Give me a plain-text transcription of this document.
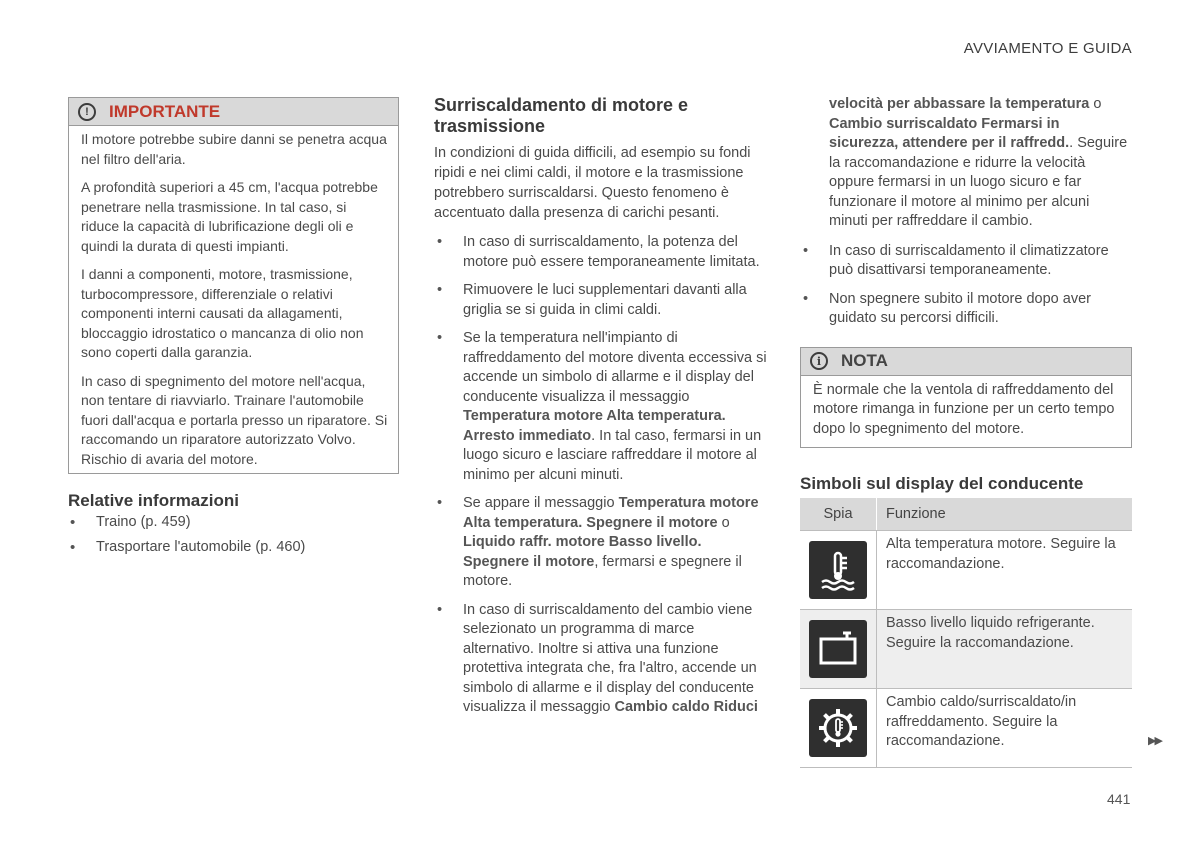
AVVIAMENTO E GUIDA
!	IMPORTANTE

Il motore potrebbe subire danni se penetra acqua nel filtro dell'aria.

A profondità superiori a 45 cm, l'acqua potrebbe penetrare nella trasmissione. In tal caso, si riduce la capacità di lubrificazione degli oli e quindi la durata di questi impianti.

I danni a componenti, motore, trasmissione, turbocompressore, differenziale o relativi componenti interni causati da allagamenti, bloccaggio idrostatico o mancanza di olio non sono coperti dalla garanzia.

In caso di spegnimento del motore nell'acqua, non tentare di riavviarlo. Trainare l'automobile fuori dall'acqua e portarla presso un riparatore. Si raccomando un riparatore autorizzato Volvo. Rischio di avaria del motore.

Relative informazioni
• Traino (p. 459)
• Trasportare l'automobile (p. 460)
Surriscaldamento di motore e trasmissione

In condizioni di guida difficili, ad esempio su fondi ripidi e nei climi caldi, il motore e la trasmissione potrebbero surriscaldarsi. Questo fenomeno è accentuato dalla presenza di carichi pesanti.

• In caso di surriscaldamento, la potenza del motore può essere temporaneamente limitata.
• Rimuovere le luci supplementari davanti alla griglia se si guida in climi caldi.
• Se la temperatura nell'impianto di raffreddamento del motore diventa eccessiva si accende un simbolo di allarme e il display del conducente visualizza il messaggio Temperatura motore Alta temperatura. Arresto immediato. In tal caso, fermarsi in un luogo sicuro e lasciare raffreddare il motore al minimo per alcuni minuti.
• Se appare il messaggio Temperatura motore Alta temperatura. Spegnere il motore o Liquido raffr. motore Basso livello. Spegnere il motore, fermarsi e spegnere il motore.
• In caso di surriscaldamento del cambio viene selezionato un programma di marce alternativo. Inoltre si attiva una funzione protettiva integrata che, fra l'altro, accende un simbolo di allarme e il display del conducente visualizza il messaggio Cambio caldo Riduci

velocità per abbassare la temperatura o Cambio surriscaldato Fermarsi in sicurezza, attendere per il raffredd.. Seguire la raccomandazione e ridurre la velocità oppure fermarsi in un luogo sicuro e far funzionare il motore al minimo per alcuni minuti per raffreddare il cambio.

• In caso di surriscaldamento il climatizzatore può disattivarsi temporaneamente.
• Non spegnere subito il motore dopo aver guidato su percorsi difficili.
i	NOTA
È normale che la ventola di raffreddamento del motore rimanga in funzione per un certo tempo dopo lo spegnimento del motore.
Simboli sul display del conducente
Spia	Funzione

	Alta temperatura motore. Seguire la raccomandazione.

	Basso livello liquido refrigerante. Seguire la raccomandazione.

	Cambio caldo/surriscaldato/in raffreddamento. Seguire la raccomandazione.	▶▶
441
